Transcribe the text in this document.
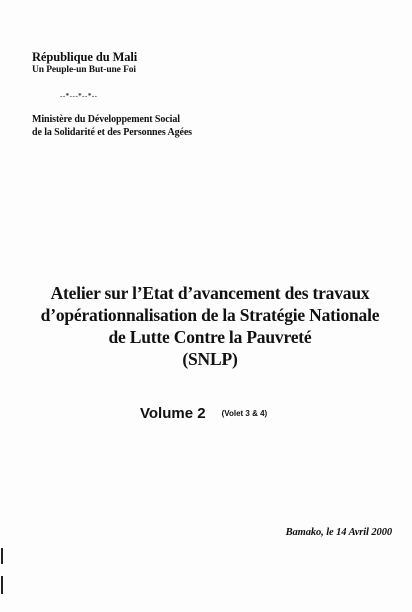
République du Mali
Un Peuple-un But-une Foi
--*---*--*--
Ministère du Développement Social
de la Solidarité et des Personnes Agées
Atelier sur l’Etat d’avancement des travaux
d’opérationnalisation de la Stratégie Nationale
de Lutte Contre la Pauvreté
(SNLP)
Volume 2 (Volet 3 & 4)
Bamako, le 14 Avril 2000
